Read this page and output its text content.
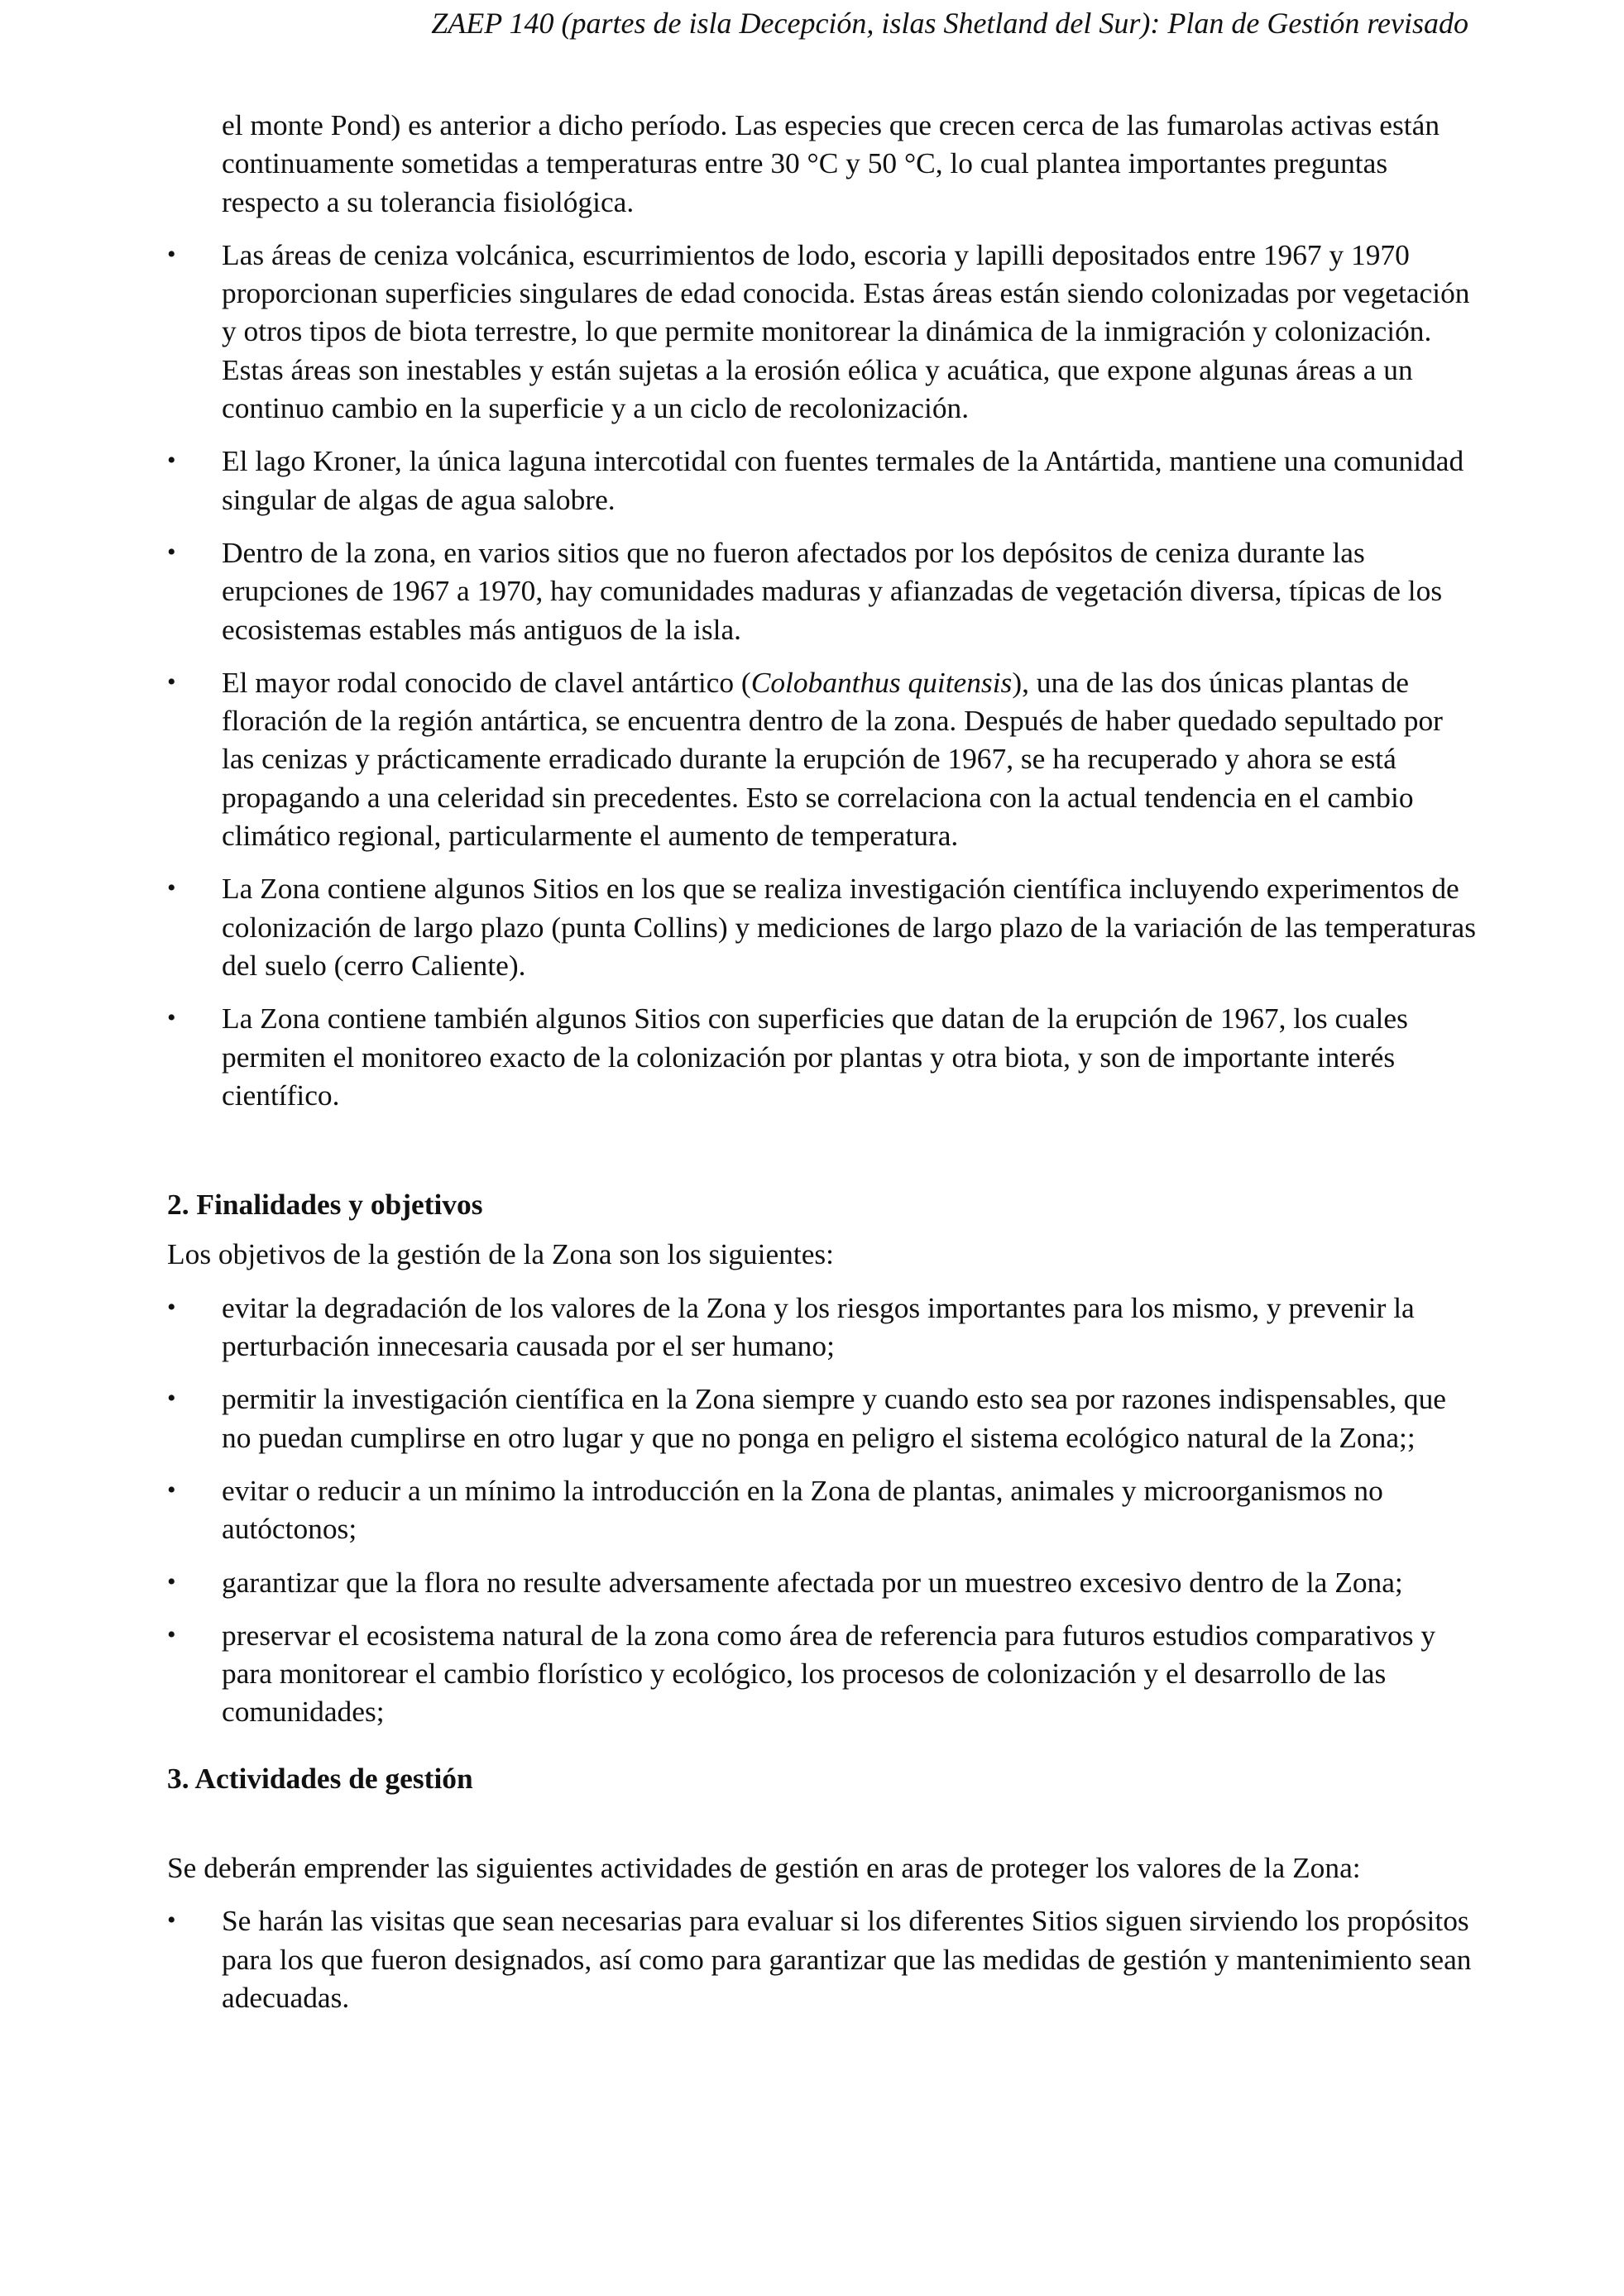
ZAEP 140 (partes de isla Decepción, islas Shetland del Sur): Plan de Gestión revisado

el monte Pond) es anterior a dicho período. Las especies que crecen cerca de las fumarolas activas están continuamente sometidas a temperaturas entre 30 °C y 50 °C, lo cual plantea importantes preguntas respecto a su tolerancia fisiológica.

• Las áreas de ceniza volcánica, escurrimientos de lodo, escoria y lapilli depositados entre 1967 y 1970 proporcionan superficies singulares de edad conocida. Estas áreas están siendo colonizadas por vegetación y otros tipos de biota terrestre, lo que permite monitorear la dinámica de la inmigración y colonización. Estas áreas son inestables y están sujetas a la erosión eólica y acuática, que expone algunas áreas a un continuo cambio en la superficie y a un ciclo de recolonización.
• El lago Kroner, la única laguna intercotidal con fuentes termales de la Antártida, mantiene una comunidad singular de algas de agua salobre.
• Dentro de la zona, en varios sitios que no fueron afectados por los depósitos de ceniza durante las erupciones de 1967 a 1970, hay comunidades maduras y afianzadas de vegetación diversa, típicas de los ecosistemas estables más antiguos de la isla.
• El mayor rodal conocido de clavel antártico (Colobanthus quitensis), una de las dos únicas plantas de floración de la región antártica, se encuentra dentro de la zona. Después de haber quedado sepultado por las cenizas y prácticamente erradicado durante la erupción de 1967, se ha recuperado y ahora se está propagando a una celeridad sin precedentes. Esto se correlaciona con la actual tendencia en el cambio climático regional, particularmente el aumento de temperatura.
• La Zona contiene algunos Sitios en los que se realiza investigación científica incluyendo experimentos de colonización de largo plazo (punta Collins) y mediciones de largo plazo de la variación de las temperaturas del suelo (cerro Caliente).
• La Zona contiene también algunos Sitios con superficies que datan de la erupción de 1967, los cuales permiten el monitoreo exacto de la colonización por plantas y otra biota, y son de importante interés científico.
2. Finalidades y objetivos

Los objetivos de la gestión de la Zona son los siguientes:

• evitar la degradación de los valores de la Zona y los riesgos importantes para los mismo, y prevenir la perturbación innecesaria causada por el ser humano;
• permitir la investigación científica en la Zona siempre y cuando esto sea por razones indispensables, que no puedan cumplirse en otro lugar y que no ponga en peligro el sistema ecológico natural de la Zona;;
• evitar o reducir a un mínimo la introducción en la Zona de plantas, animales y microorganismos no autóctonos;
• garantizar que la flora no resulte adversamente afectada por un muestreo excesivo dentro de la Zona;
• preservar el ecosistema natural de la zona como área de referencia para futuros estudios comparativos y para monitorear el cambio florístico y ecológico, los procesos de colonización y el desarrollo de las comunidades;
3. Actividades de gestión

Se deberán emprender las siguientes actividades de gestión en aras de proteger los valores de la Zona:

• Se harán las visitas que sean necesarias para evaluar si los diferentes Sitios siguen sirviendo los propósitos para los que fueron designados, así como para garantizar que las medidas de gestión y mantenimiento sean adecuadas.
